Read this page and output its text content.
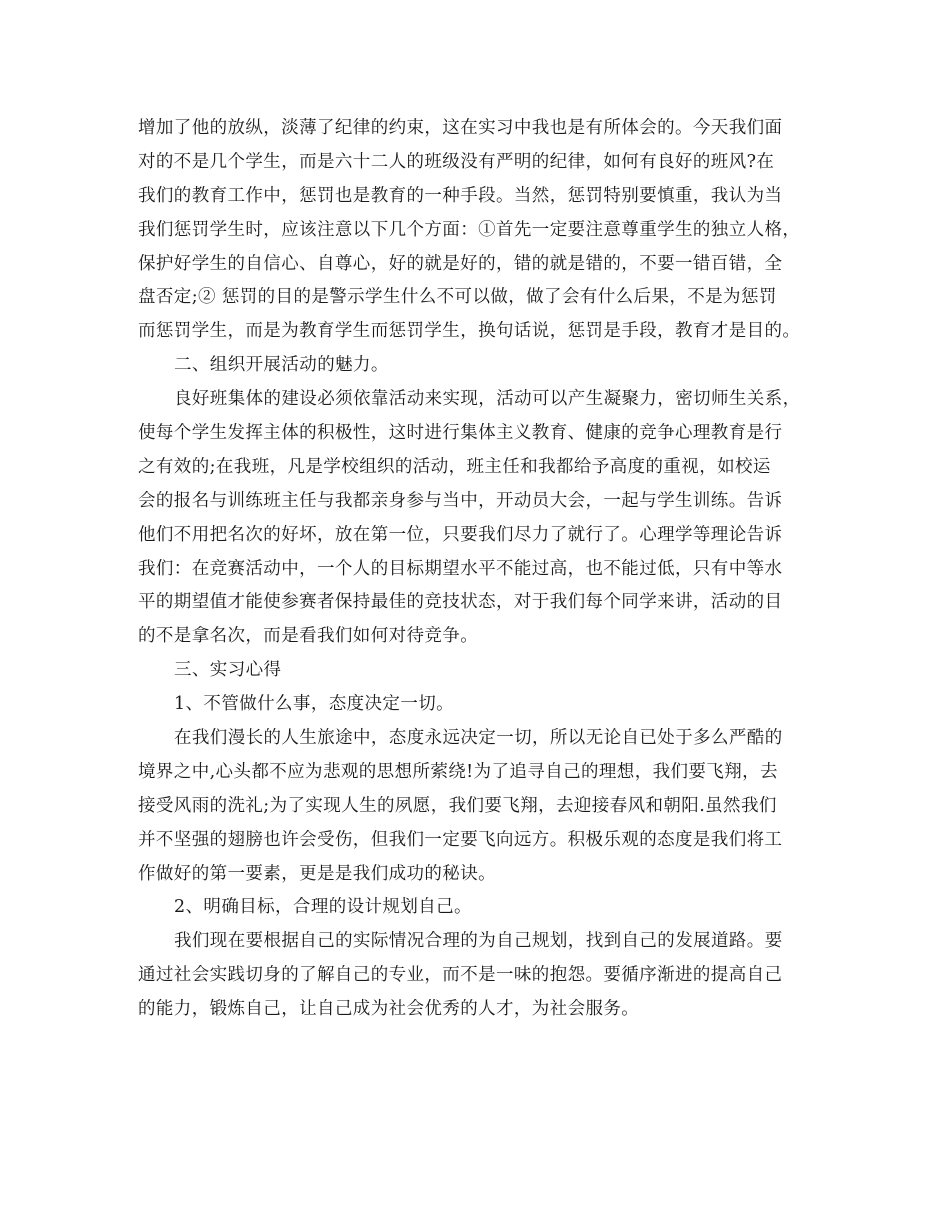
增加了他的放纵，淡薄了纪律的约束，这在实习中我也是有所体会的。今天我们面
对的不是几个学生，而是六十二人的班级没有严明的纪律，如何有良好的班风?在
我们的教育工作中，惩罚也是教育的一种手段。当然，惩罚特别要慎重，我认为当
我们惩罚学生时，应该注意以下几个方面：①首先一定要注意尊重学生的独立人格，
保护好学生的自信心、自尊心，好的就是好的，错的就是错的，不要一错百错，全
盘否定;② 惩罚的目的是警示学生什么不可以做，做了会有什么后果，不是为惩罚
而惩罚学生，而是为教育学生而惩罚学生，换句话说，惩罚是手段，教育才是目的。
二、组织开展活动的魅力。
良好班集体的建设必须依靠活动来实现，活动可以产生凝聚力，密切师生关系，
使每个学生发挥主体的积极性，这时进行集体主义教育、健康的竞争心理教育是行
之有效的;在我班，凡是学校组织的活动，班主任和我都给予高度的重视，如校运
会的报名与训练班主任与我都亲身参与当中，开动员大会，一起与学生训练。告诉
他们不用把名次的好坏，放在第一位，只要我们尽力了就行了。心理学等理论告诉
我们：在竞赛活动中，一个人的目标期望水平不能过高，也不能过低，只有中等水
平的期望值才能使参赛者保持最佳的竞技状态，对于我们每个同学来讲，活动的目
的不是拿名次，而是看我们如何对待竞争。
三、实习心得
1、不管做什么事，态度决定一切。
在我们漫长的人生旅途中，态度永远决定一切，所以无论自已处于多么严酷的
境界之中,心头都不应为悲观的思想所萦绕!为了追寻自己的理想，我们要飞翔，去
接受风雨的洗礼;为了实现人生的夙愿，我们要飞翔，去迎接春风和朝阳.虽然我们
并不坚强的翅膀也许会受伤，但我们一定要飞向远方。积极乐观的态度是我们将工
作做好的第一要素，更是是我们成功的秘诀。
2、明确目标，合理的设计规划自己。
我们现在要根据自己的实际情况合理的为自己规划，找到自己的发展道路。要
通过社会实践切身的了解自己的专业，而不是一味的抱怨。要循序渐进的提高自己
的能力，锻炼自己，让自己成为社会优秀的人才，为社会服务。
